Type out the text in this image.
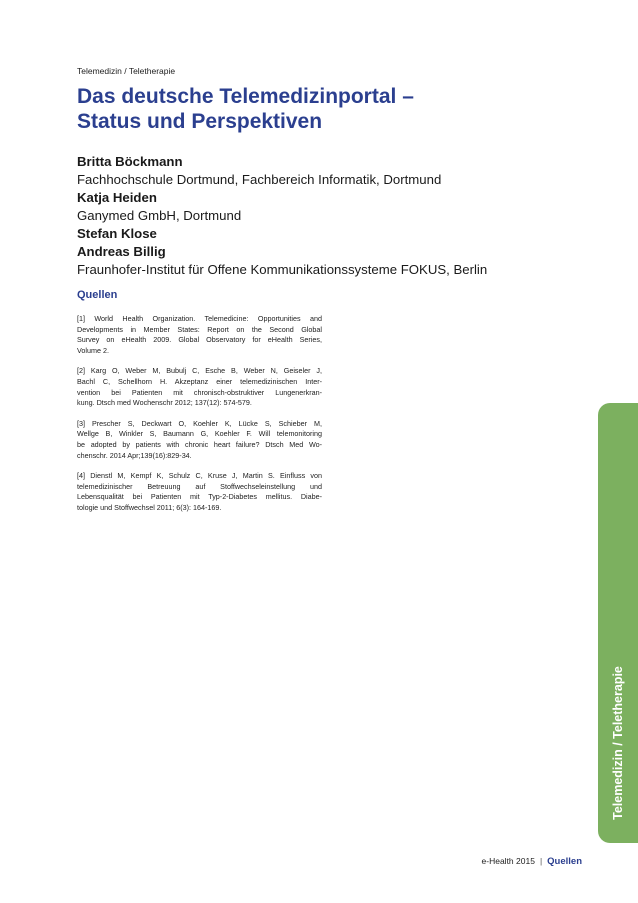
Telemedizin / Teletherapie
Das deutsche Telemedizinportal –
Status und Perspektiven
Britta Böckmann
Fachhochschule Dortmund, Fachbereich Informatik, Dortmund
Katja Heiden
Ganymed GmbH, Dortmund
Stefan Klose
Andreas Billig
Fraunhofer-Institut für Offene Kommunikationssysteme FOKUS, Berlin
Quellen
[1] World Health Organization. Telemedicine: Opportunities and
Developments in Member States: Report on the Second Global
Survey on eHealth 2009. Global Observatory for eHealth Series,
Volume 2.
[2] Karg O, Weber M, Bubulj C, Esche B, Weber N, Geiseler J,
Bachl C, Schellhorn H. Akzeptanz einer telemedizinischen Inter-
vention bei Patienten mit chronisch-obstruktiver Lungenerkran-
kung. Dtsch med Wochenschr 2012; 137(12): 574-579.
[3] Prescher S, Deckwart O, Koehler K, Lücke S, Schieber M,
Wellge B, Winkler S, Baumann G, Koehler F. Will telemonitoring
be adopted by patients with chronic heart failure? Dtsch Med Wo-
chenschr. 2014 Apr;139(16):829-34.
[4] Dienstl M, Kempf K, Schulz C, Kruse J, Martin S. Einfluss von
telemedizinischer Betreuung auf Stoffwechseleinstellung und
Lebensqualität bei Patienten mit Typ-2-Diabetes mellitus. Diabe-
tologie und Stoffwechsel 2011; 6(3): 164-169.
Telemedizin / Teletherapie
e-Health 2015 | Quellen
